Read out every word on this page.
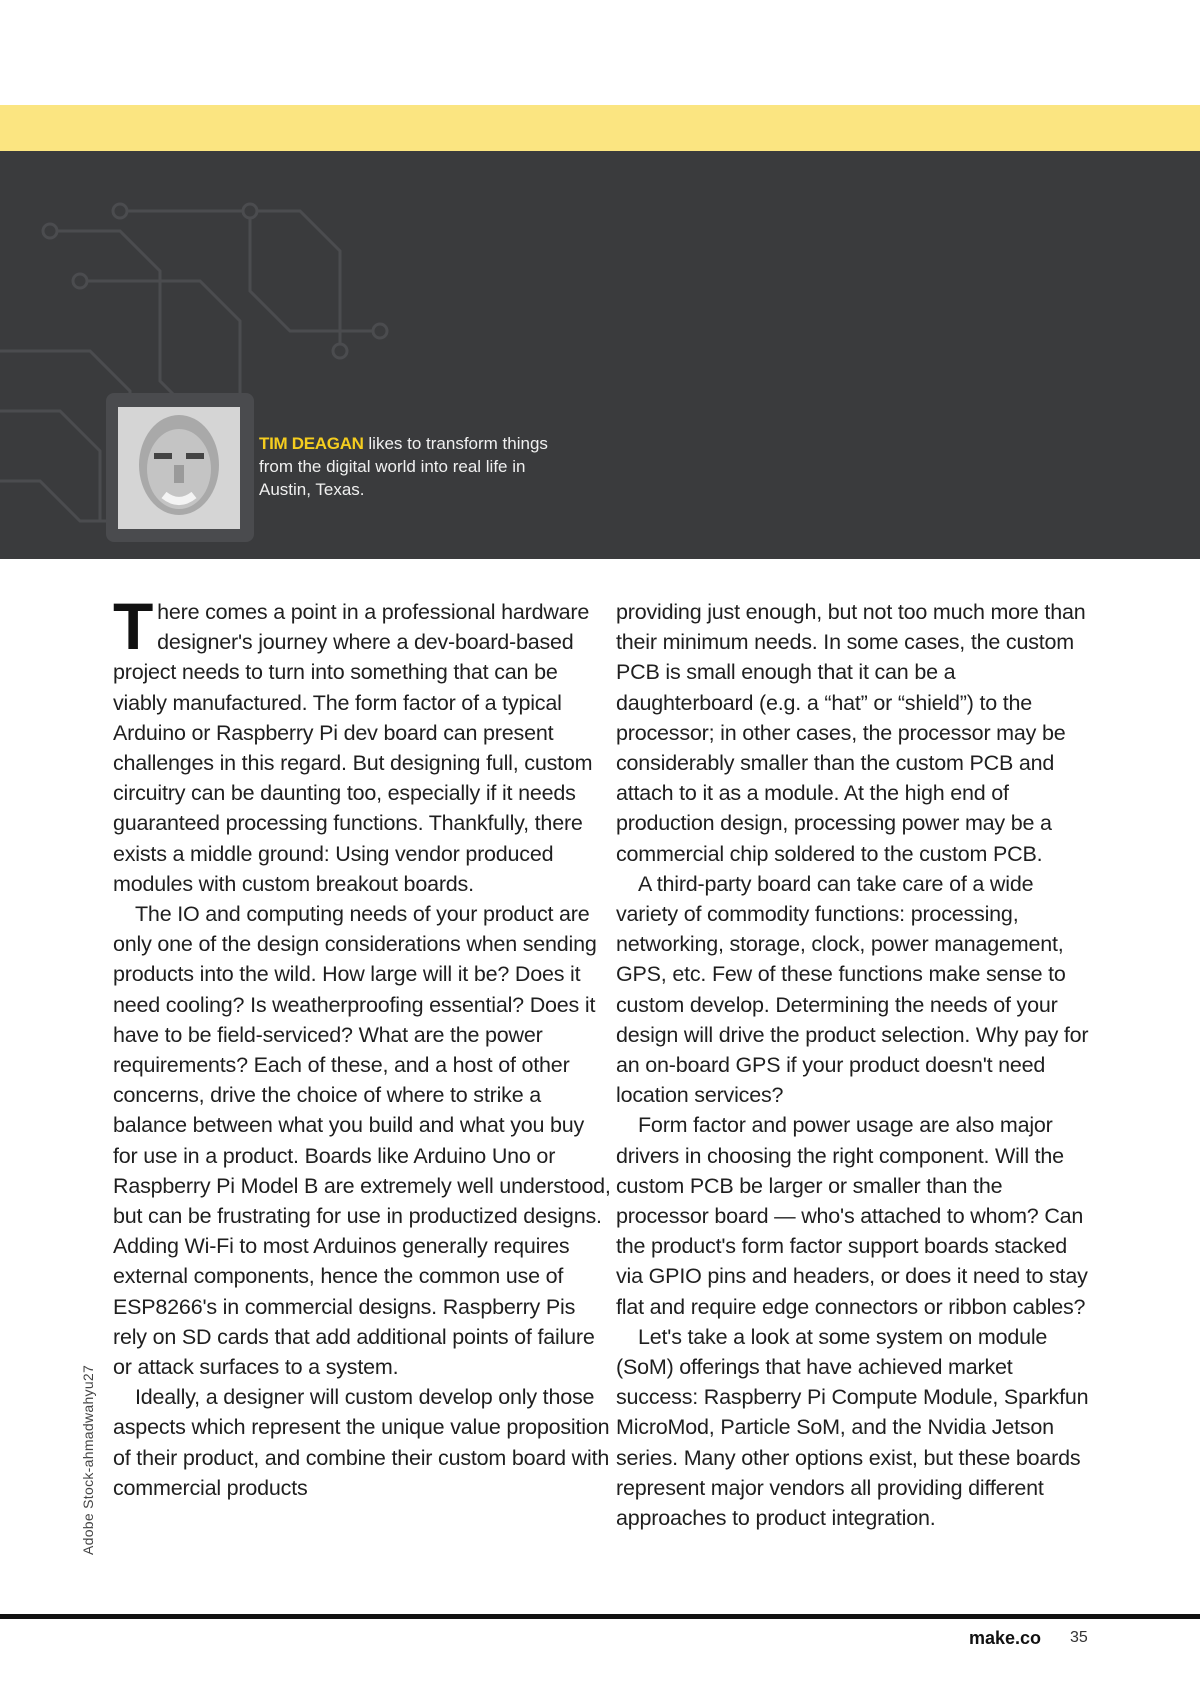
TIM DEAGAN likes to transform things from the digital world into real life in Austin, Texas.

There comes a point in a professional hardware designer's journey where a dev-board-based project needs to turn into something that can be viably manufactured. The form factor of a typical Arduino or Raspberry Pi dev board can present challenges in this regard. But designing full, custom circuitry can be daunting too, especially if it needs guaranteed processing functions. Thankfully, there exists a middle ground: Using vendor produced modules with custom breakout boards.

The IO and computing needs of your product are only one of the design considerations when sending products into the wild. How large will it be? Does it need cooling? Is weatherproofing essential? Does it have to be field-serviced? What are the power requirements? Each of these, and a host of other concerns, drive the choice of where to strike a balance between what you build and what you buy for use in a product. Boards like Arduino Uno or Raspberry Pi Model B are extremely well understood, but can be frustrating for use in productized designs. Adding Wi-Fi to most Arduinos generally requires external components, hence the common use of ESP8266's in commercial designs. Raspberry Pis rely on SD cards that add additional points of failure or attack surfaces to a system.

Ideally, a designer will custom develop only those aspects which represent the unique value proposition of their product, and combine their custom board with commercial products

providing just enough, but not too much more than their minimum needs. In some cases, the custom PCB is small enough that it can be a daughterboard (e.g. a “hat” or “shield”) to the processor; in other cases, the processor may be considerably smaller than the custom PCB and attach to it as a module. At the high end of production design, processing power may be a commercial chip soldered to the custom PCB.

A third-party board can take care of a wide variety of commodity functions: processing, networking, storage, clock, power management, GPS, etc. Few of these functions make sense to custom develop. Determining the needs of your design will drive the product selection. Why pay for an on-board GPS if your product doesn't need location services?

Form factor and power usage are also major drivers in choosing the right component. Will the custom PCB be larger or smaller than the processor board — who's attached to whom? Can the product's form factor support boards stacked via GPIO pins and headers, or does it need to stay flat and require edge connectors or ribbon cables?

Let's take a look at some system on module (SoM) offerings that have achieved market success: Raspberry Pi Compute Module, Sparkfun MicroMod, Particle SoM, and the Nvidia Jetson series. Many other options exist, but these boards represent major vendors all providing different approaches to product integration.

Adobe Stock-ahmadwahyu27
make.co 35
